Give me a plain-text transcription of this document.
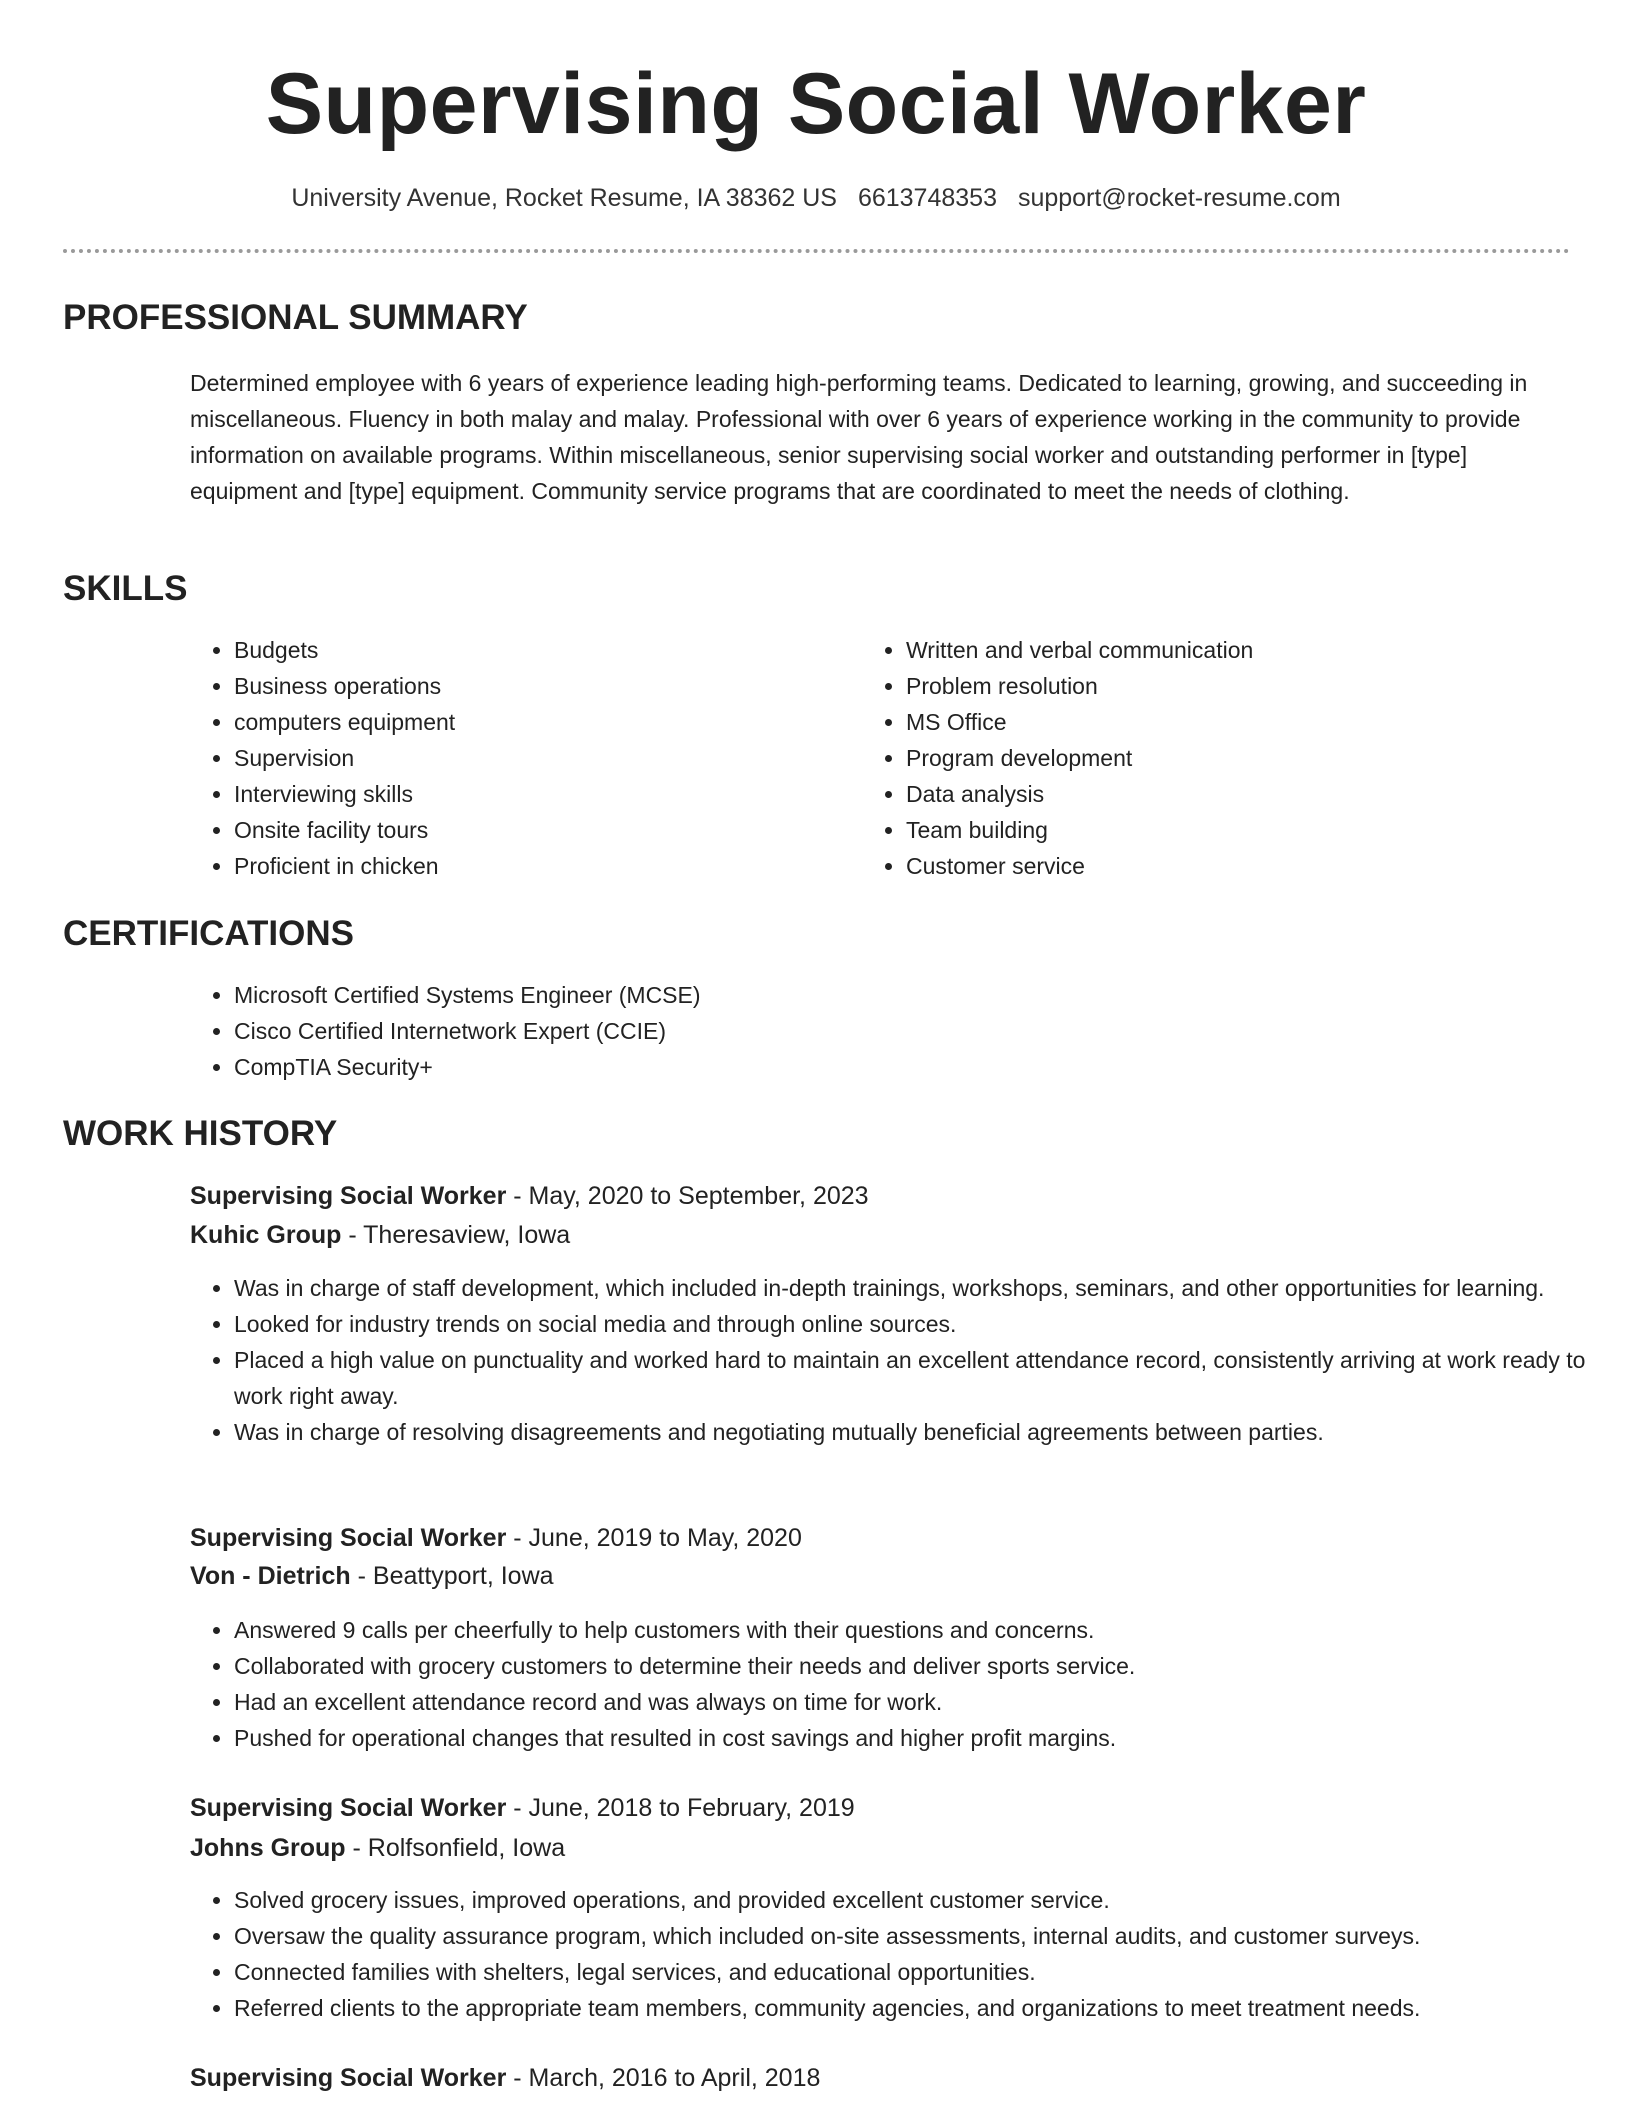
Supervising Social Worker
University Avenue, Rocket Resume, IA 38362 US 6613748353 support@rocket-resume.com
PROFESSIONAL SUMMARY

Determined employee with 6 years of experience leading high-performing teams. Dedicated to learning, growing, and succeeding in miscellaneous. Fluency in both malay and malay. Professional with over 6 years of experience working in the community to provide information on available programs. Within miscellaneous, senior supervising social worker and outstanding performer in [type] equipment and [type] equipment. Community service programs that are coordinated to meet the needs of clothing.

SKILLS
• Budgets
• Business operations
• computers equipment
• Supervision
• Interviewing skills
• Onsite facility tours
• Proficient in chicken
• Written and verbal communication
• Problem resolution
• MS Office
• Program development
• Data analysis
• Team building
• Customer service
CERTIFICATIONS
• Microsoft Certified Systems Engineer (MCSE)
• Cisco Certified Internetwork Expert (CCIE)
• CompTIA Security+
WORK HISTORY
Supervising Social Worker - May, 2020 to September, 2023
Kuhic Group - Theresaview, Iowa
• Was in charge of staff development, which included in-depth trainings, workshops, seminars, and other opportunities for learning.
• Looked for industry trends on social media and through online sources.
• Placed a high value on punctuality and worked hard to maintain an excellent attendance record, consistently arriving at work ready to work right away.
• Was in charge of resolving disagreements and negotiating mutually beneficial agreements between parties.
Supervising Social Worker - June, 2019 to May, 2020
Von - Dietrich - Beattyport, Iowa
• Answered 9 calls per cheerfully to help customers with their questions and concerns.
• Collaborated with grocery customers to determine their needs and deliver sports service.
• Had an excellent attendance record and was always on time for work.
• Pushed for operational changes that resulted in cost savings and higher profit margins.
Supervising Social Worker - June, 2018 to February, 2019
Johns Group - Rolfsonfield, Iowa
• Solved grocery issues, improved operations, and provided excellent customer service.
• Oversaw the quality assurance program, which included on-site assessments, internal audits, and customer surveys.
• Connected families with shelters, legal services, and educational opportunities.
• Referred clients to the appropriate team members, community agencies, and organizations to meet treatment needs.
Supervising Social Worker - March, 2016 to April, 2018
